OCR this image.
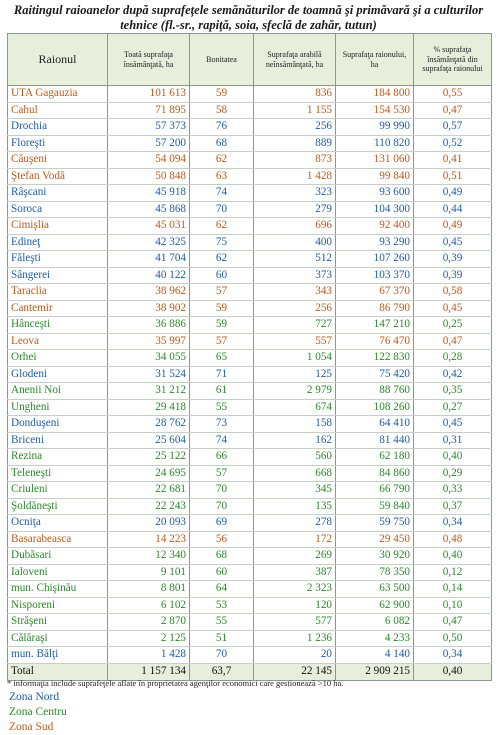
Raitingul raioanelor după suprafeţele semănăturilor de toamnă şi primăvară şi a culturilor tehnice (fl.-sr., rapiţă, soia, sfeclă de zahăr, tutun)
Raionul	Toată suprafaţa însămânţată, ha	Bonitatea	Suprafaţa arabilă neînsămânţată, ha	Suprafaţa raionului, ha	% suprafaţa însămânţată din suprafaţa raionului
UTA Gagauzia	101 613	59	836	184 800	0,55
Cahul	71 895	58	1 155	154 530	0,47
Drochia	57 373	76	256	99 990	0,57
Floreşti	57 200	68	889	110 820	0,52
Căuşeni	54 094	62	873	131 060	0,41
Ştefan Vodă	50 848	63	1 428	99 840	0,51
Râşcani	45 918	74	323	93 600	0,49
Soroca	45 868	70	279	104 300	0,44
Cimişlia	45 031	62	696	92 400	0,49
Edineţ	42 325	75	400	93 290	0,45
Făleşti	41 704	62	512	107 260	0,39
Sângerei	40 122	60	373	103 370	0,39
Taraclia	38 962	57	343	67 370	0,58
Cantemir	38 902	59	256	86 790	0,45
Hânceşti	36 886	59	727	147 210	0,25
Leova	35 997	57	557	76 470	0,47
Orhei	34 055	65	1 054	122 830	0,28
Glodeni	31 524	71	125	75 420	0,42
Anenii Noi	31 212	61	2 979	88 760	0,35
Ungheni	29 418	55	674	108 260	0,27
Donduşeni	28 762	73	158	64 410	0,45
Briceni	25 604	74	162	81 440	0,31
Rezina	25 122	66	560	62 180	0,40
Teleneşti	24 695	57	668	84 860	0,29
Criuleni	22 681	70	345	66 790	0,33
Şoldăneşti	22 243	70	135	59 840	0,37
Ocniţa	20 093	69	278	59 750	0,34
Basarabeasca	14 223	56	172	29 450	0,48
Dubăsari	12 340	68	269	30 920	0,40
Ialoveni	9 101	60	387	78 350	0,12
mun. Chişinău	8 801	64	2 323	63 500	0,14
Nisporeni	6 102	53	120	62 900	0,10
Străşeni	2 870	55	577	6 082	0,47
Călăraşi	2 125	51	1 236	4 233	0,50
mun. Bălţi	1 428	70	20	4 140	0,34
Total	1 157 134	63,7	22 145	2 909 215	0,40
* informaţia include suprafeţele aflate în proprietatea agenţilor economici care gestionează >10 ha.
Zona Nord
Zona Centru
Zona Sud
